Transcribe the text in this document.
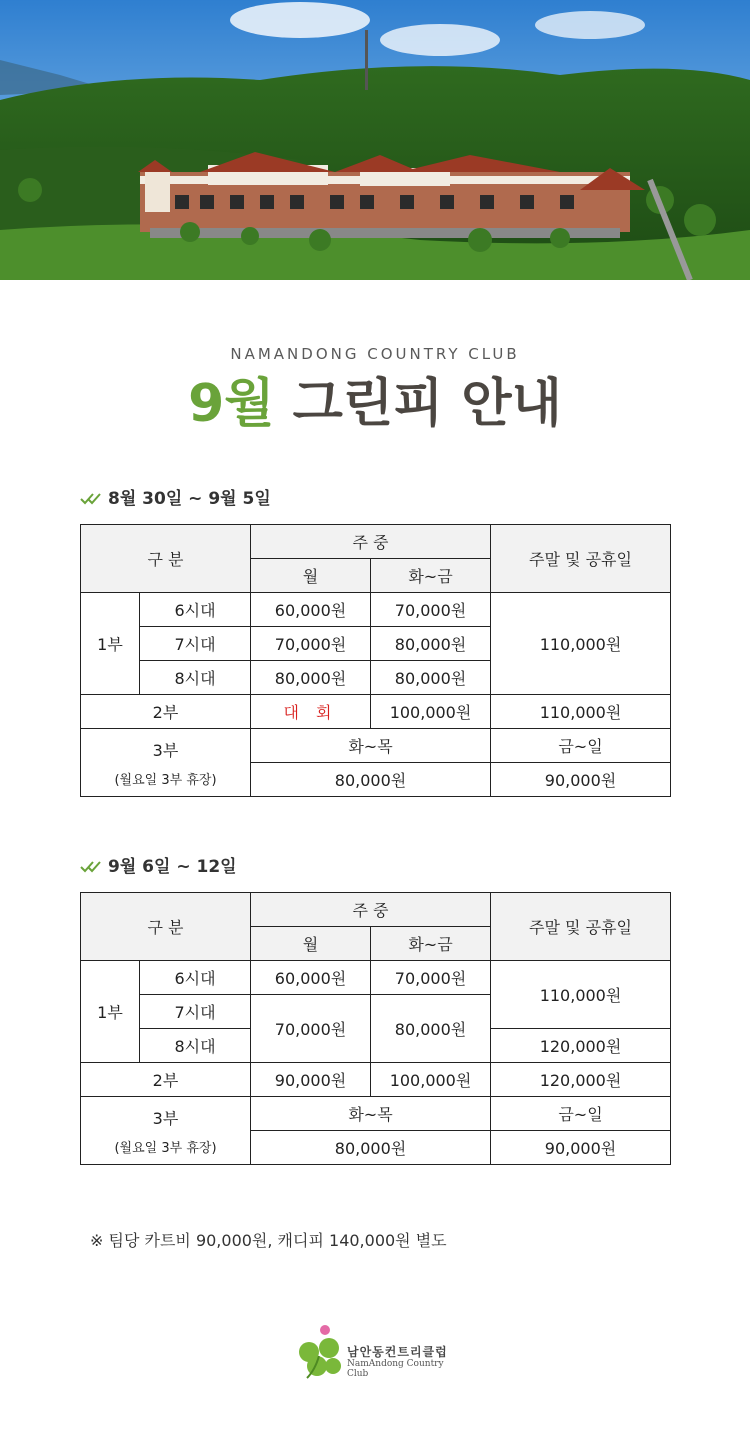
NAMANDONG COUNTRY CLUB
9월 그린피 안내
8월 30일 ~ 9월 5일
구 분		주 중		주말 및 공휴일
		월	화~금	
1부	6시대	60,000원	70,000원	110,000원
	7시대	70,000원	80,000원	
	8시대	80,000원	80,000원	
2부		대 회	100,000원	110,000원

3부
(월요일 3부 휴장)		화~목		금~일
		80,000원		90,000원
9월 6일 ~ 12일
구 분		주 중		주말 및 공휴일
		월	화~금	
1부	6시대	60,000원	70,000원	110,000원
	7시대	70,000원	80,000원	
	8시대			120,000원
2부		90,000원	100,000원	120,000원

3부
(월요일 3부 휴장)		화~목		금~일
		80,000원		90,000원
※ 팀당 카트비 90,000원, 캐디피 140,000원 별도
남안동컨트리클럽
NamAndong Country Club
